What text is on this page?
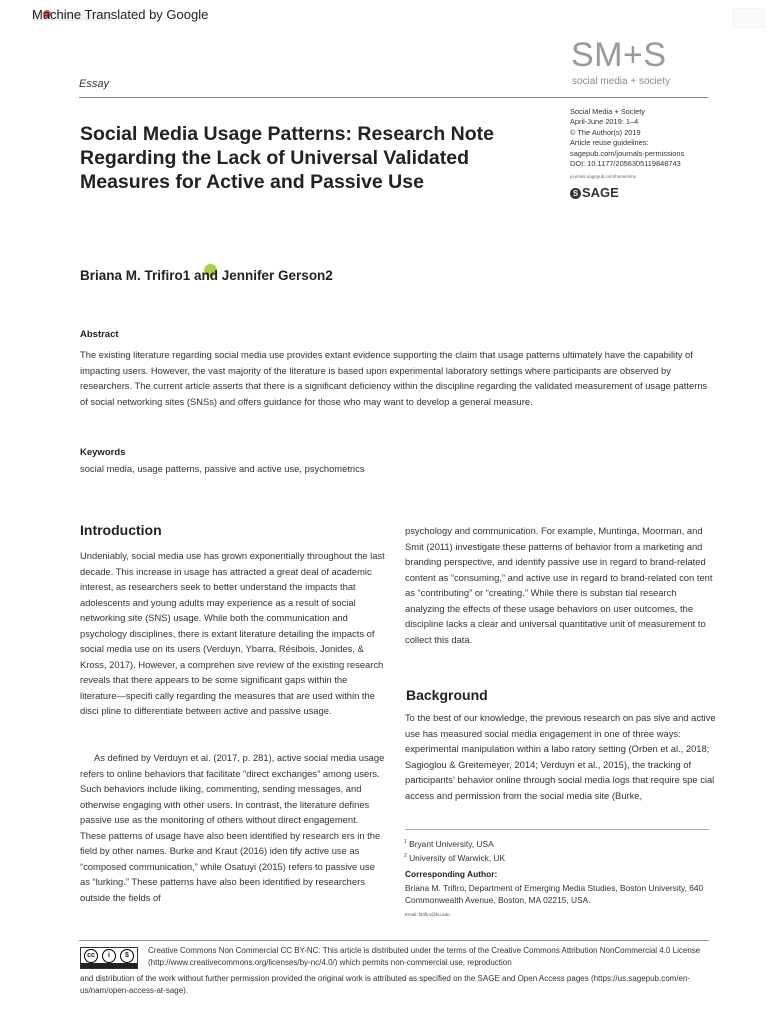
Machine Translated by Google
Essay
SM+S
social media + society
Social Media Usage Patterns: Research Note Regarding the Lack of Universal Validated Measures for Active and Passive Use
Social Media + Society
April-June 2019: 1–4
© The Author(s) 2019
Article reuse guidelines:
sagepub.com/journals-permissions
DOI: 10.1177/2056305119848743
journals.sagepub.com/home/sms
S SAGE
Briana M. Trifiro1 and Jennifer Gerson2
Abstract
The existing literature regarding social media use provides extant evidence supporting the claim that usage patterns ultimately have the capability of impacting users. However, the vast majority of the literature is based upon experimental laboratory settings where participants are observed by researchers. The current article asserts that there is a significant deficiency within the discipline regarding the validated measurement of usage patterns of social networking sites (SNSs) and offers guidance for those who may want to develop a general measure.
Keywords
social media, usage patterns, passive and active use, psychometrics
Introduction
Undeniably, social media use has grown exponentially throughout the last decade. This increase in usage has attracted a great deal of academic interest, as researchers seek to better understand the impacts that adolescents and young adults may experience as a result of social networking site (SNS) usage. While both the communication and psychology disciplines, there is extant literature detailing the impacts of social media use on its users (Verduyn, Ybarra, Résibois, Jonides, & Kross, 2017). However, a comprehen sive review of the existing research reveals that there appears to be some significant gaps within the literature—specifi cally regarding the measures that are used within the disci pline to differentiate between active and passive usage.
As defined by Verduyn et al. (2017, p. 281), active social media usage refers to online behaviors that facilitate “direct exchanges” among users. Such behaviors include liking, commenting, sending messages, and otherwise engaging with other users. In contrast, the literature defines passive use as the monitoring of others without direct engagement.
These patterns of usage have also been identified by research ers in the field by other names. Burke and Kraut (2016) iden tify active use as “composed communication,” while Osatuyi (2015) refers to passive use as “lurking.” These patterns have also been identified by researchers outside the fields of
psychology and communication. For example, Muntinga, Moorman, and Smit (2011) investigate these patterns of behavior from a marketing and branding perspective, and identify passive use in regard to brand-related content as “consuming,” and active use in regard to brand-related con tent as “contributing” or “creating.” While there is substan tial research analyzing the effects of these usage behaviors on user outcomes, the discipline lacks a clear and universal quantitative unit of measurement to collect this data.
Background
To the best of our knowledge, the previous research on pas sive and active use has measured social media engagement in one of three ways: experimental manipulation within a labo ratory setting (Orben et al., 2018; Sagioglou & Greitemeyer, 2014; Verduyn et al., 2015), the tracking of participants' behavior online through social media logs that require spe cial access and permission from the social media site (Burke,
$^1$ Bryant University, USA
$^2$ University of Warwick, UK
Corresponding Author:
Briana M. Trifiro, Department of Emerging Media Studies, Boston University, 640 Commonwealth Avenue, Boston, MA 02215, USA.
Email: btrifiro@bu.edu
cc	i	$
Creative Commons Non Commercial CC BY-NC: This article is distributed under the terms of the Creative Commons Attribution NonCommercial 4.0 License (http://www.creativecommons.org/licenses/by-nc/4.0/) which permits non-commercial use, reproduction
and distribution of the work without further permission provided the original work is attributed as specified on the SAGE and Open Access pages (https://us.sagepub.com/en-us/nam/open-access-at-sage).
